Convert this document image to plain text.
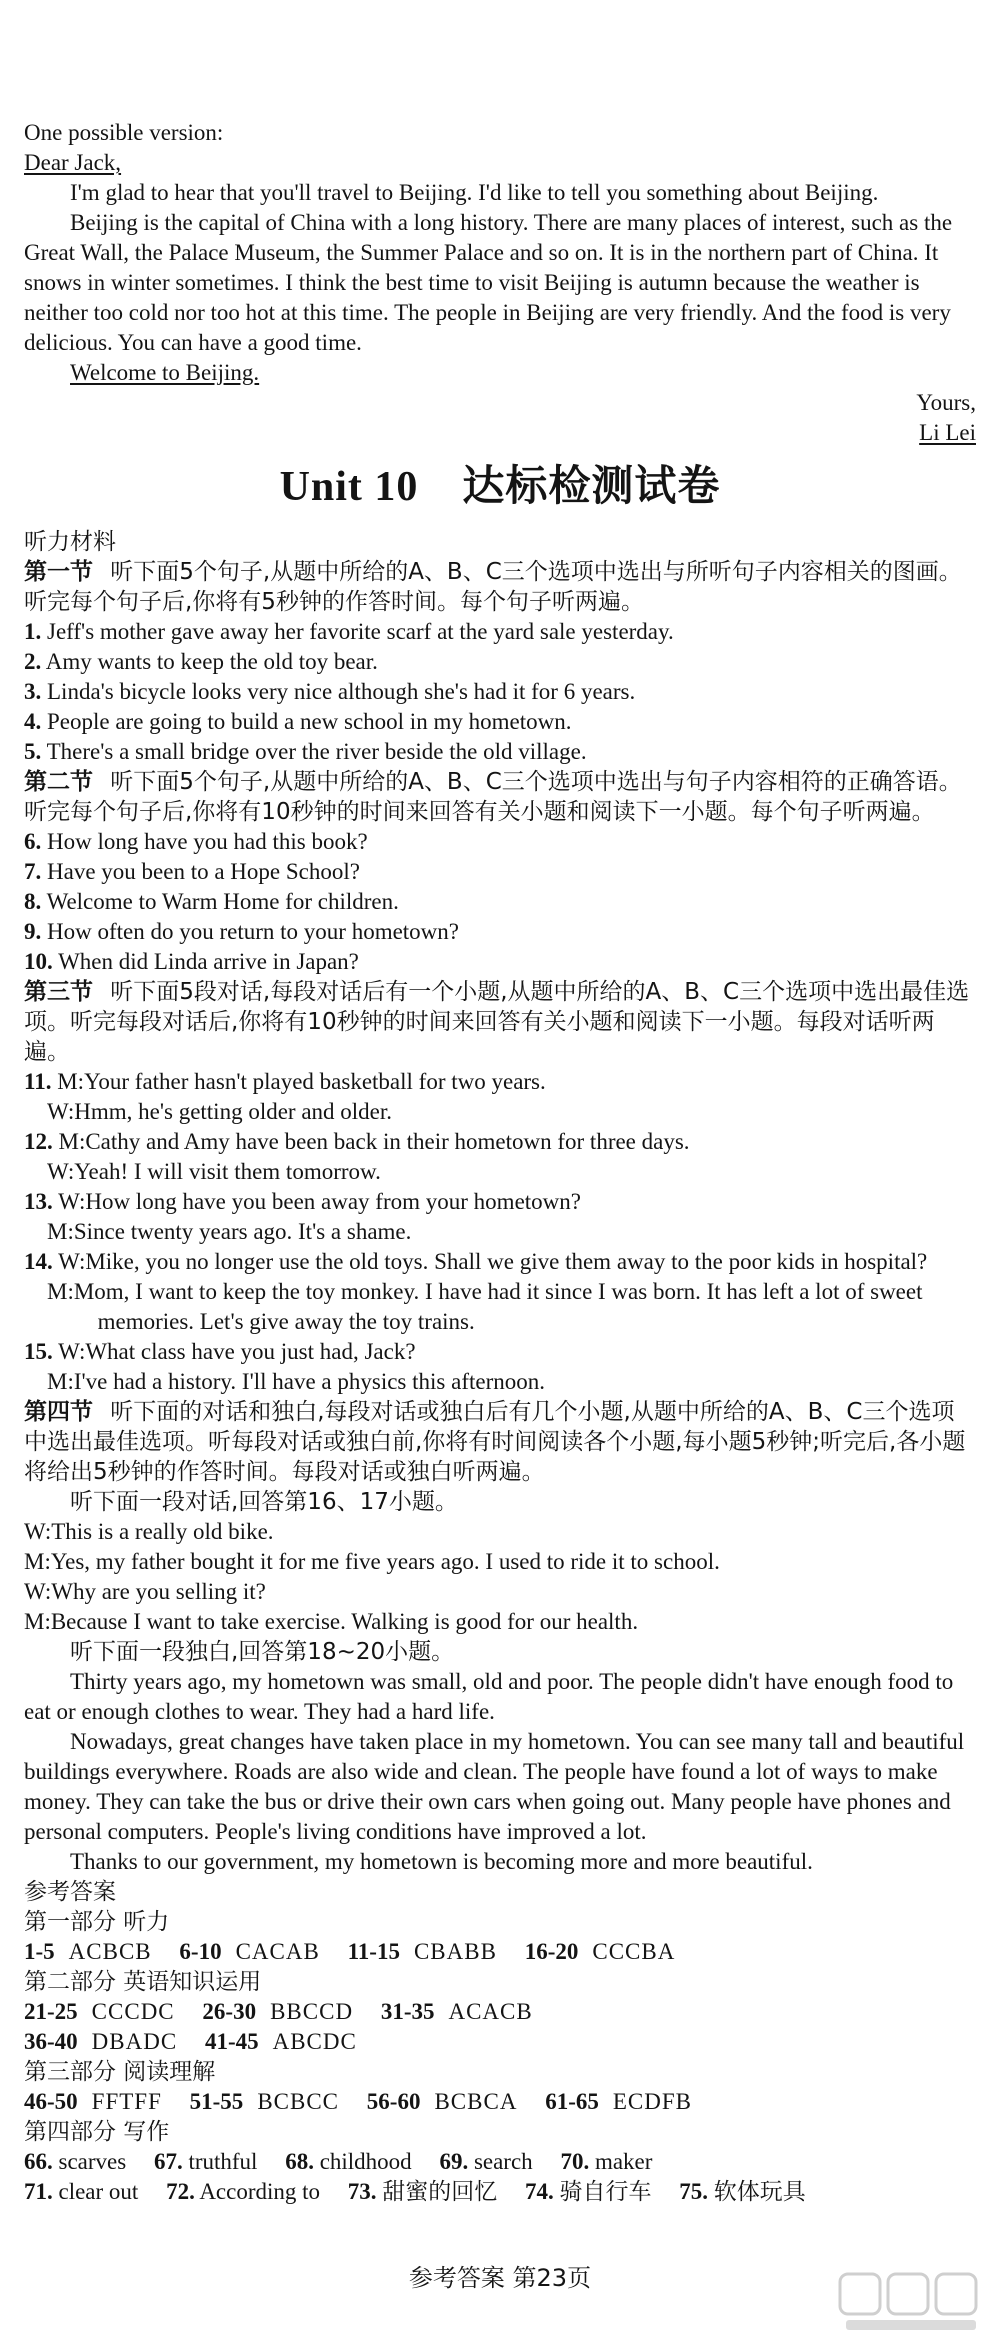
One possible version:

Dear Jack,

I'm glad to hear that you'll travel to Beijing. I'd like to tell you something about Beijing.

Beijing is the capital of China with a long history. There are many places of interest, such as the Great Wall, the Palace Museum, the Summer Palace and so on. It is in the northern part of China. It snows in winter sometimes. I think the best time to visit Beijing is autumn because the weather is neither too cold nor too hot at this time. The people in Beijing are very friendly. And the food is very delicious. You can have a good time.

Welcome to Beijing.

Yours,

Li Lei

Unit 10 达标检测试卷

听力材料

第一节 听下面5个句子,从题中所给的A、B、C三个选项中选出与所听句子内容相关的图画。听完每个句子后,你将有5秒钟的作答时间。每个句子听两遍。

1. Jeff's mother gave away her favorite scarf at the yard sale yesterday.

2. Amy wants to keep the old toy bear.

3. Linda's bicycle looks very nice although she's had it for 6 years.

4. People are going to build a new school in my hometown.

5. There's a small bridge over the river beside the old village.

第二节 听下面5个句子,从题中所给的A、B、C三个选项中选出与句子内容相符的正确答语。听完每个句子后,你将有10秒钟的时间来回答有关小题和阅读下一小题。每个句子听两遍。

6. How long have you had this book?

7. Have you been to a Hope School?

8. Welcome to Warm Home for children.

9. How often do you return to your hometown?

10. When did Linda arrive in Japan?

第三节 听下面5段对话,每段对话后有一个小题,从题中所给的A、B、C三个选项中选出最佳选项。听完每段对话后,你将有10秒钟的时间来回答有关小题和阅读下一小题。每段对话听两遍。

11. M:Your father hasn't played basketball for two years.

W:Hmm, he's getting older and older.

12. M:Cathy and Amy have been back in their hometown for three days.

W:Yeah! I will visit them tomorrow.

13. W:How long have you been away from your hometown?

M:Since twenty years ago. It's a shame.

14. W:Mike, you no longer use the old toys. Shall we give them away to the poor kids in hospital?

M:Mom, I want to keep the toy monkey. I have had it since I was born. It has left a lot of sweet memories. Let's give away the toy trains.

15. W:What class have you just had, Jack?

M:I've had a history. I'll have a physics this afternoon.

第四节 听下面的对话和独白,每段对话或独白后有几个小题,从题中所给的A、B、C三个选项中选出最佳选项。听每段对话或独白前,你将有时间阅读各个小题,每小题5秒钟;听完后,各小题将给出5秒钟的作答时间。每段对话或独白听两遍。

听下面一段对话,回答第16、17小题。

W:This is a really old bike.

M:Yes, my father bought it for me five years ago. I used to ride it to school.

W:Why are you selling it?

M:Because I want to take exercise. Walking is good for our health.

听下面一段独白,回答第18~20小题。

Thirty years ago, my hometown was small, old and poor. The people didn't have enough food to eat or enough clothes to wear. They had a hard life.

Nowadays, great changes have taken place in my hometown. You can see many tall and beautiful buildings everywhere. Roads are also wide and clean. The people have found a lot of ways to make money. They can take the bus or drive their own cars when going out. Many people have phones and personal computers. People's living conditions have improved a lot.

Thanks to our government, my hometown is becoming more and more beautiful.

参考答案

第一部分 听力

1-5 ACBCB 6-10 CACAB 11-15 CBABB 16-20 CCCBA

第二部分 英语知识运用

21-25 CCCDC 26-30 BBCCD 31-35 ACACB

36-40 DBADC 41-45 ABCDC

第三部分 阅读理解

46-50 FFTFF 51-55 BCBCC 56-60 BCBCA 61-65 ECDFB

第四部分 写作

66. scarves 67. truthful 68. childhood 69. search 70. maker

71. clear out 72. According to 73. 甜蜜的回忆 74. 骑自行车 75. 软体玩具

参考答案 第23页
